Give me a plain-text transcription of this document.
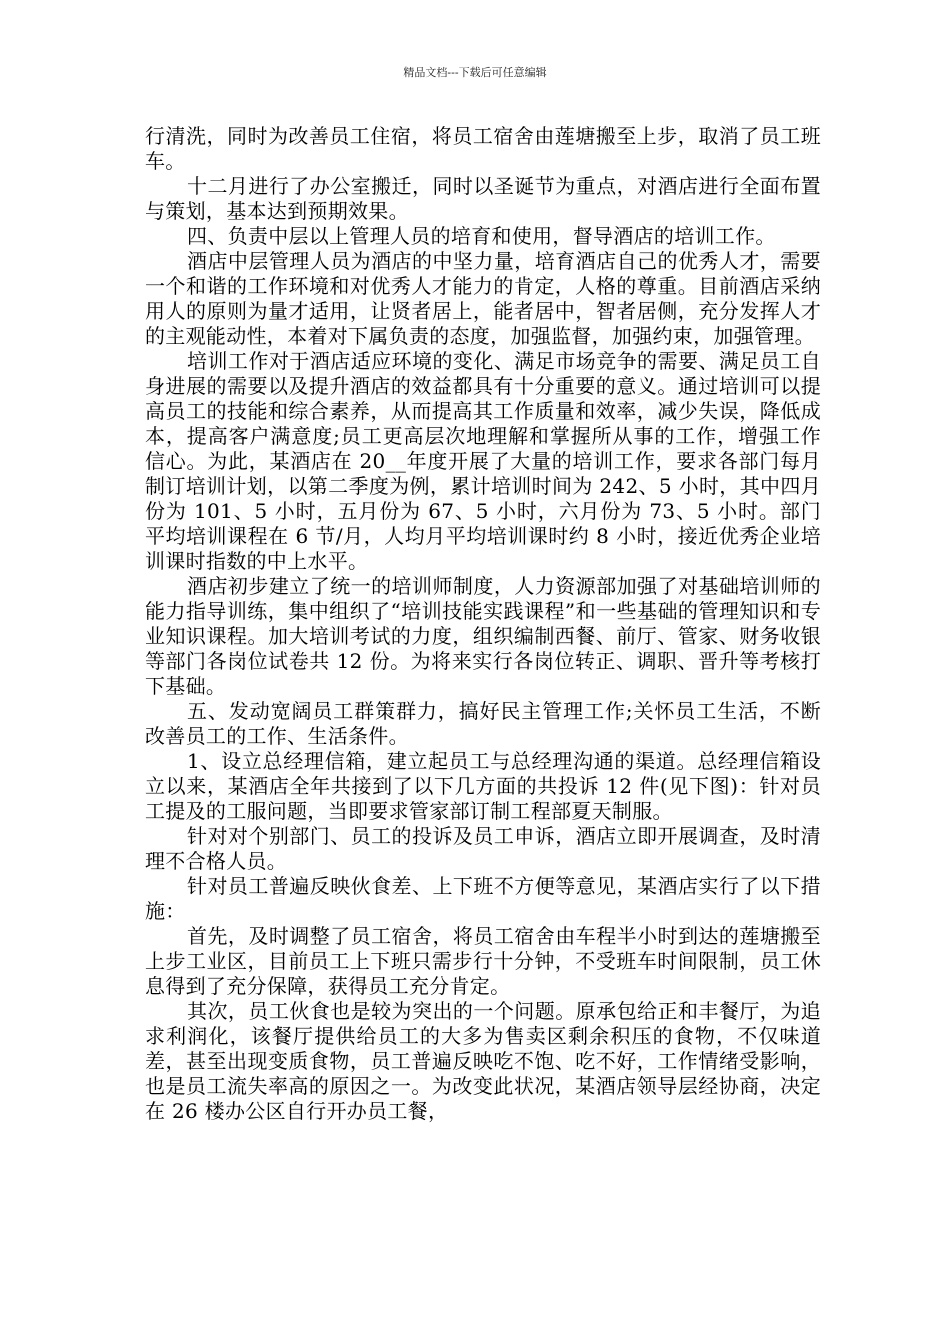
精品文档---下载后可任意编辑

行清洗，同时为改善员工住宿，将员工宿舍由莲塘搬至上步，取消了员工班车。

十二月进行了办公室搬迁，同时以圣诞节为重点，对酒店进行全面布置与策划，基本达到预期效果。

四、负责中层以上管理人员的培育和使用，督导酒店的培训工作。

酒店中层管理人员为酒店的中坚力量，培育酒店自己的优秀人才，需要一个和谐的工作环境和对优秀人才能力的肯定，人格的尊重。目前酒店采纳用人的原则为量才适用，让贤者居上，能者居中，智者居侧，充分发挥人才的主观能动性，本着对下属负责的态度，加强监督，加强约束，加强管理。

培训工作对于酒店适应环境的变化、满足市场竞争的需要、满足员工自身进展的需要以及提升酒店的效益都具有十分重要的意义。通过培训可以提高员工的技能和综合素养，从而提高其工作质量和效率，减少失误，降低成本，提高客户满意度;员工更高层次地理解和掌握所从事的工作，增强工作信心。为此，某酒店在 20__年度开展了大量的培训工作，要求各部门每月制订培训计划，以第二季度为例，累计培训时间为 242、5 小时，其中四月份为 101、5 小时，五月份为 67、5 小时，六月份为 73、5 小时。部门平均培训课程在 6 节/月，人均月平均培训课时约 8 小时，接近优秀企业培训课时指数的中上水平。

酒店初步建立了统一的培训师制度，人力资源部加强了对基础培训师的能力指导训练，集中组织了“培训技能实践课程”和一些基础的管理知识和专业知识课程。加大培训考试的力度，组织编制西餐、前厅、管家、财务收银等部门各岗位试卷共 12 份。为将来实行各岗位转正、调职、晋升等考核打下基础。

五、发动宽阔员工群策群力，搞好民主管理工作;关怀员工生活，不断改善员工的工作、生活条件。

1、设立总经理信箱，建立起员工与总经理沟通的渠道。总经理信箱设立以来，某酒店全年共接到了以下几方面的共投诉 12 件(见下图)：针对员工提及的工服问题，当即要求管家部订制工程部夏天制服。

针对对个别部门、员工的投诉及员工申诉，酒店立即开展调查，及时清理不合格人员。

针对员工普遍反映伙食差、上下班不方便等意见，某酒店实行了以下措施：

首先，及时调整了员工宿舍，将员工宿舍由车程半小时到达的莲塘搬至上步工业区，目前员工上下班只需步行十分钟，不受班车时间限制，员工休息得到了充分保障，获得员工充分肯定。

其次，员工伙食也是较为突出的一个问题。原承包给正和丰餐厅，为追求利润化，该餐厅提供给员工的大多为售卖区剩余积压的食物，不仅味道差，甚至出现变质食物，员工普遍反映吃不饱、吃不好，工作情绪受影响，也是员工流失率高的原因之一。为改变此状况，某酒店领导层经协商，决定在 26 楼办公区自行开办员工餐，
